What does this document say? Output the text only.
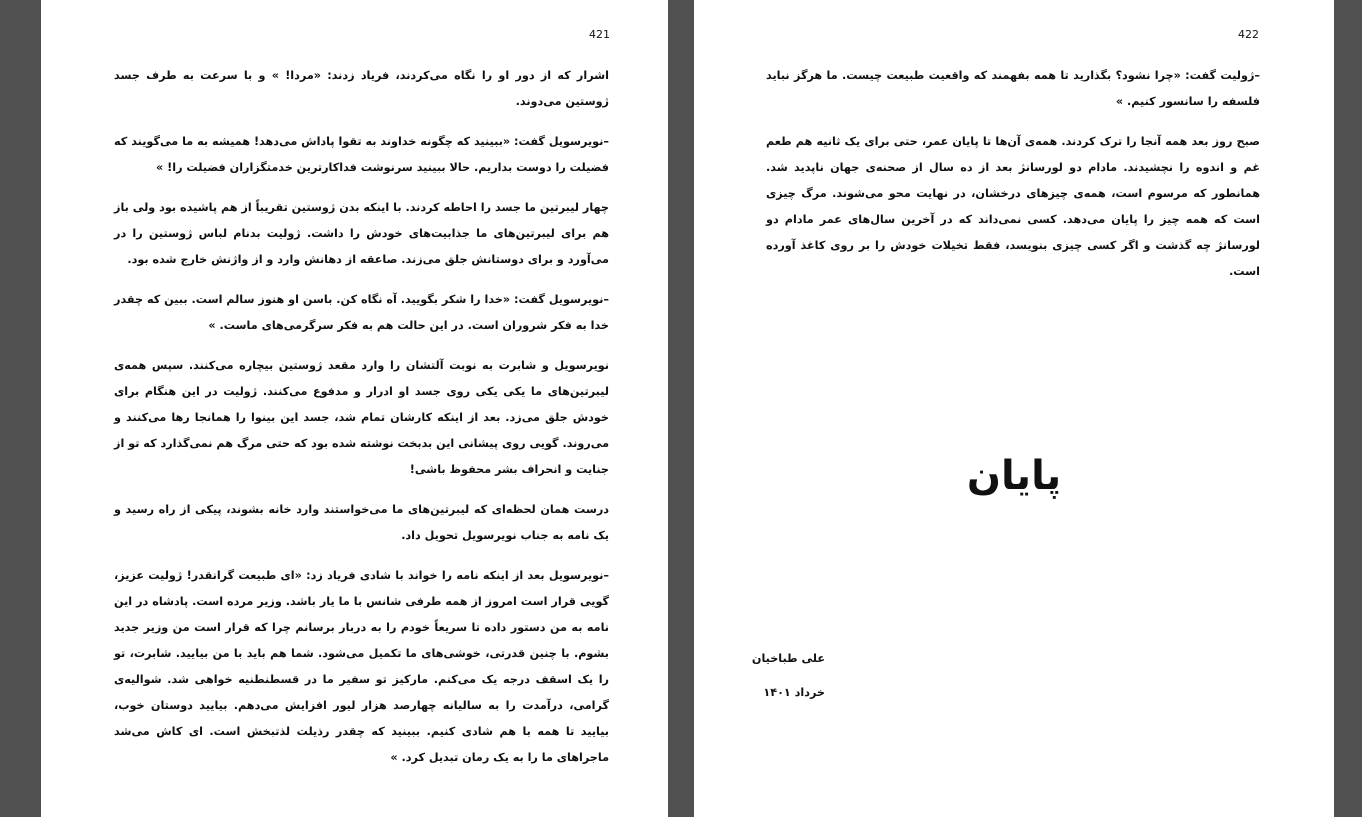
421

اشرار که از دور او را نگاه می‌کردند، فریاد زدند: «مردا! » و با سرعت به طرف جسد ژوستین می‌دوند.

–نویرسویل گفت: «ببینید که چگونه خداوند به تقوا پاداش می‌دهد! همیشه به ما می‌گویند که فضیلت را دوست بداریم. حالا ببینید سرنوشت فداکارترین خدمتگزاران فضیلت را! »

چهار لیبرتین ما جسد را احاطه کردند. با اینکه بدن ژوستین تقریباً از هم پاشیده بود ولی باز هم برای لیبرتین‌های ما جذابیت‌های خودش را داشت. ژولیت بدنام لباس ژوستین را در می‌آورد و برای دوستانش جلق می‌زند. صاعقه از دهانش وارد و از واژنش خارج شده بود.

–نویرسویل گفت: «خدا را شکر بگویید. آه نگاه کن. باسن او هنوز سالم است. ببین که چقدر خدا به فکر شروران است. در این حالت هم به فکر سرگرمی‌های ماست. »

نویرسویل و شابرت به نوبت آلتشان را وارد مقعد ژوستین بیچاره می‌کنند. سپس همه‌ی لیبرتین‌های ما یکی یکی روی جسد او ادرار و مدفوع می‌کنند. ژولیت در این هنگام برای خودش جلق می‌زد. بعد از اینکه کارشان تمام شد، جسد این بینوا را همانجا رها می‌کنند و می‌روند. گویی روی پیشانی این بدبخت نوشته شده بود که حتی مرگ هم نمی‌گذارد که تو از جنایت و انحراف بشر محفوظ باشی!

درست همان لحظه‌ای که لیبرتین‌های ما می‌خواستند وارد خانه بشوند، پیکی از راه رسید و یک نامه به جناب نویرسویل تحویل داد.

–نویرسویل بعد از اینکه نامه را خواند با شادی فریاد زد: «ای طبیعت گرانقدر! ژولیت عزیز، گویی قرار است امروز از همه طرفی شانس با ما یار باشد. وزیر مرده است. پادشاه در این نامه به من دستور داده تا سریعاً خودم را به دربار برسانم چرا که قرار است من وزیر جدید بشوم. با چنین قدرتی، خوشی‌های ما تکمیل می‌شود. شما هم باید با من بیایید. شابرت، تو را یک اسقف درجه یک می‌کنم. مارکیز تو سفیر ما در قسطنطنیه خواهی شد. شوالیه‌ی گرامی، درآمدت را به سالیانه چهارصد هزار لیور افزایش می‌دهم. بیایید دوستان خوب، بیایید تا همه با هم شادی کنیم. ببینید که چقدر رذیلت لذتبخش است. ای کاش می‌شد ماجراهای ما را به یک رمان تبدیل کرد. »

422

–ژولیت گفت: «چرا نشود؟ بگذارید تا همه بفهمند که واقعیت طبیعت چیست. ما هرگز نباید فلسفه را سانسور کنیم. »

صبح روز بعد همه آنجا را ترک کردند. همه‌ی آن‌ها تا پایان عمر، حتی برای یک ثانیه هم طعم غم و اندوه را نچشیدند. مادام دو لورسانژ بعد از ده سال از صحنه‌ی جهان ناپدید شد. همانطور که مرسوم است، همه‌ی چیزهای درخشان، در نهایت محو می‌شوند. مرگ چیزی است که همه چیز را پایان می‌دهد. کسی نمی‌داند که در آخرین سال‌های عمر مادام دو لورسانژ چه گذشت و اگر کسی چیزی بنویسد، فقط تخیلات خودش را بر روی کاغذ آورده است.

پایان
علی طباخیان
خرداد ۱۴۰۱
